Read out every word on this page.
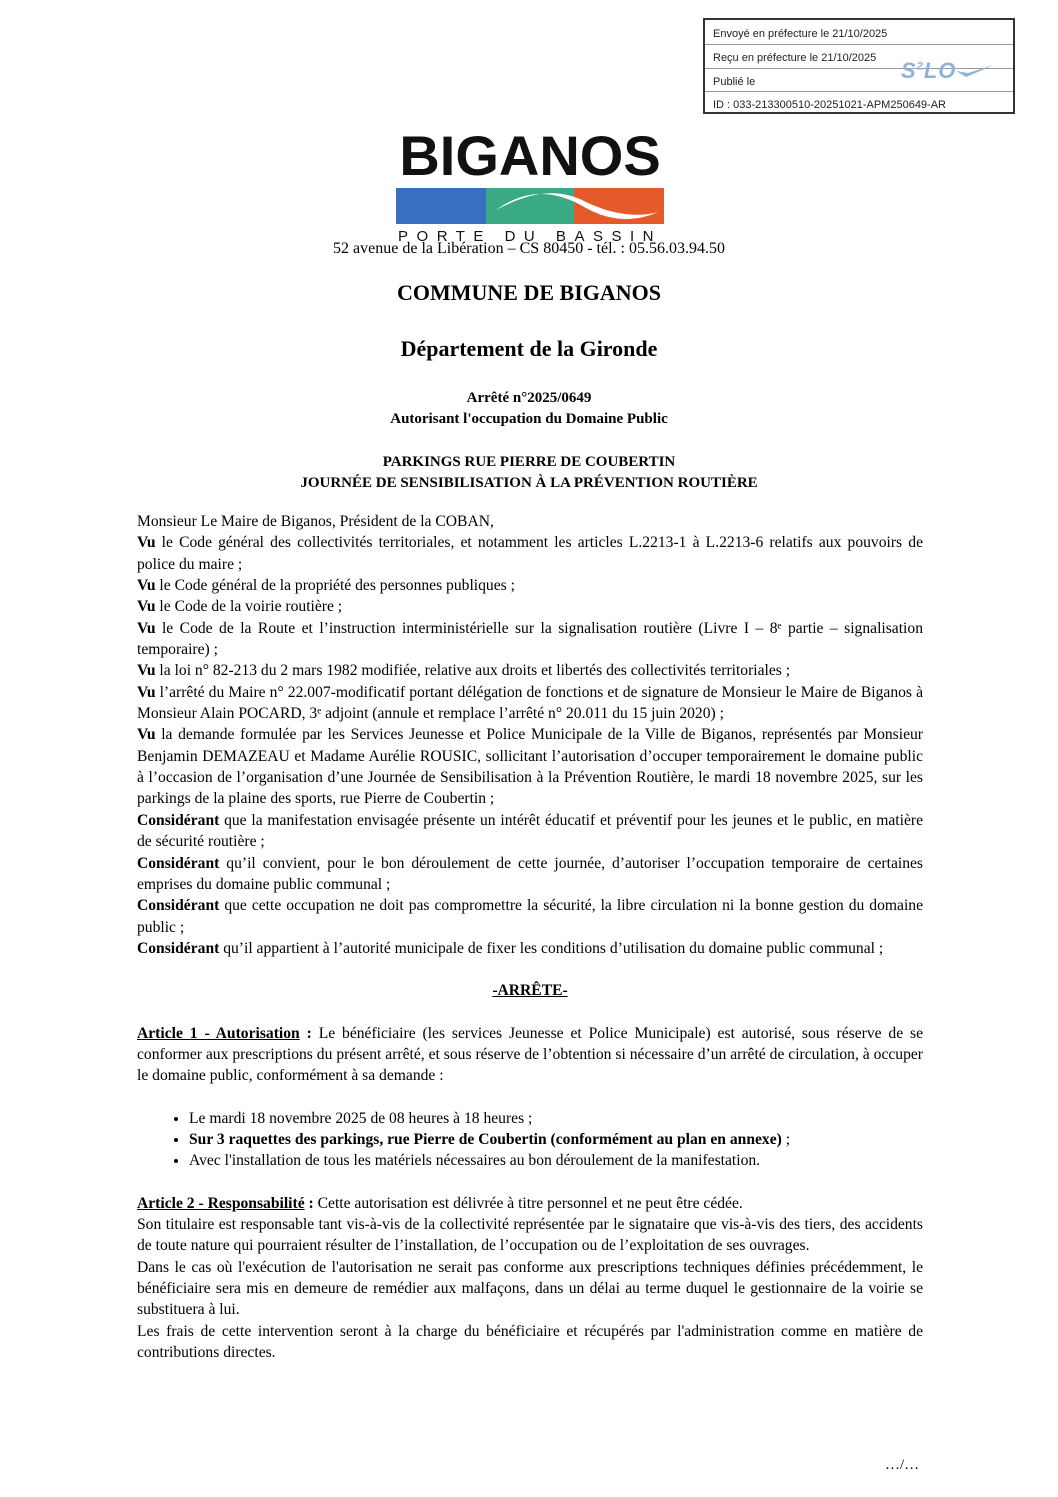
Envoyé en préfecture le 21/10/2025
Reçu en préfecture le 21/10/2025
Publié le
ID : 033-213300510-20251021-APM250649-AR
$S^2LO$
BIGANOS
PORTE DU BASSIN
52 avenue de la Libération – CS 80450 - tél. : 05.56.03.94.50
COMMUNE DE BIGANOS
Département de la Gironde
Arrêté n°2025/0649
Autorisant l'occupation du Domaine Public
PARKINGS RUE PIERRE DE COUBERTIN
JOURNÉE DE SENSIBILISATION À LA PRÉVENTION ROUTIÈRE

Monsieur Le Maire de Biganos, Président de la COBAN,

Vu le Code général des collectivités territoriales, et notamment les articles L.2213-1 à L.2213-6 relatifs aux pouvoirs de police du maire ;

Vu le Code général de la propriété des personnes publiques ;

Vu le Code de la voirie routière ;

Vu le Code de la Route et l’instruction interministérielle sur la signalisation routière (Livre I – 8ᵉ partie – signalisation temporaire) ;

Vu la loi n° 82-213 du 2 mars 1982 modifiée, relative aux droits et libertés des collectivités territoriales ;

Vu l’arrêté du Maire n° 22.007-modificatif portant délégation de fonctions et de signature de Monsieur le Maire de Biganos à Monsieur Alain POCARD, 3ᵉ adjoint (annule et remplace l’arrêté n° 20.011 du 15 juin 2020) ;

Vu la demande formulée par les Services Jeunesse et Police Municipale de la Ville de Biganos, représentés par Monsieur Benjamin DEMAZEAU et Madame Aurélie ROUSIC, sollicitant l’autorisation d’occuper temporairement le domaine public à l’occasion de l’organisation d’une Journée de Sensibilisation à la Prévention Routière, le mardi 18 novembre 2025, sur les parkings de la plaine des sports, rue Pierre de Coubertin ;

Considérant que la manifestation envisagée présente un intérêt éducatif et préventif pour les jeunes et le public, en matière de sécurité routière ;

Considérant qu’il convient, pour le bon déroulement de cette journée, d’autoriser l’occupation temporaire de certaines emprises du domaine public communal ;

Considérant que cette occupation ne doit pas compromettre la sécurité, la libre circulation ni la bonne gestion du domaine public ;

Considérant qu’il appartient à l’autorité municipale de fixer les conditions d’utilisation du domaine public communal ;

-ARRÊTE-

Article 1 - Autorisation : Le bénéficiaire (les services Jeunesse et Police Municipale) est autorisé, sous réserve de se conformer aux prescriptions du présent arrêté, et sous réserve de l’obtention si nécessaire d’un arrêté de circulation, à occuper le domaine public, conformément à sa demande :

• Le mardi 18 novembre 2025 de 08 heures à 18 heures ;
• Sur 3 raquettes des parkings, rue Pierre de Coubertin (conformément au plan en annexe) ;
• Avec l'installation de tous les matériels nécessaires au bon déroulement de la manifestation.

Article 2 - Responsabilité : Cette autorisation est délivrée à titre personnel et ne peut être cédée.

Son titulaire est responsable tant vis-à-vis de la collectivité représentée par le signataire que vis-à-vis des tiers, des accidents de toute nature qui pourraient résulter de l’installation, de l’occupation ou de l’exploitation de ses ouvrages.

Dans le cas où l'exécution de l'autorisation ne serait pas conforme aux prescriptions techniques définies précédemment, le bénéficiaire sera mis en demeure de remédier aux malfaçons, dans un délai au terme duquel le gestionnaire de la voirie se substituera à lui.

Les frais de cette intervention seront à la charge du bénéficiaire et récupérés par l'administration comme en matière de contributions directes.

…/…
